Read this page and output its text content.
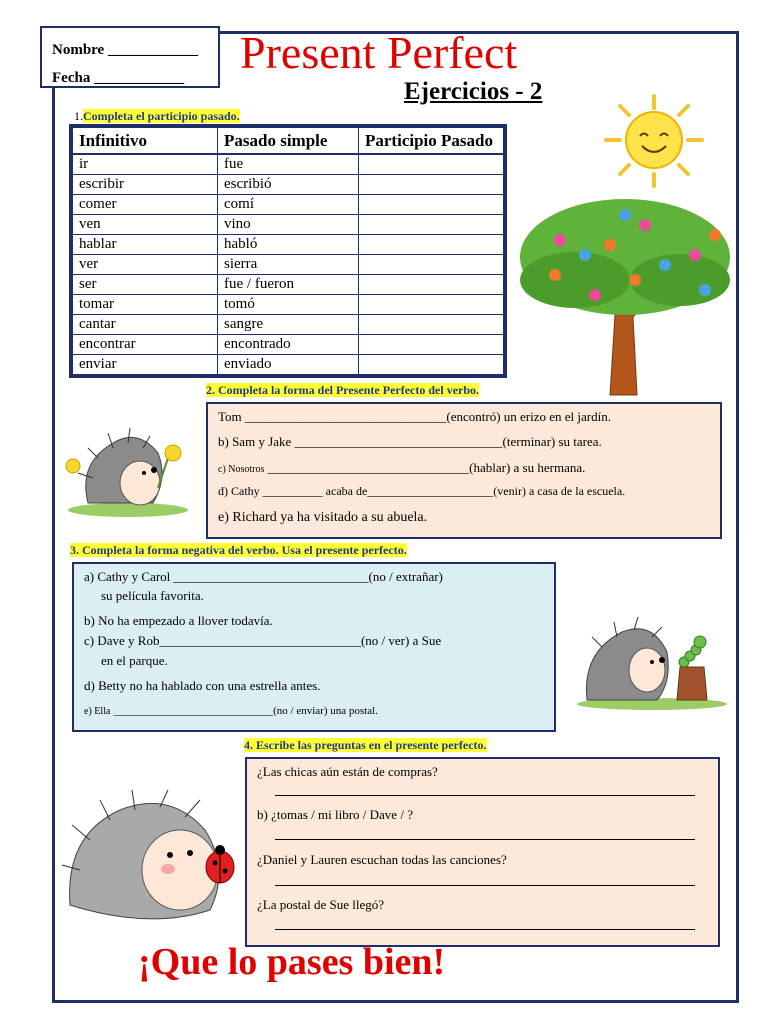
Nombre ____________
Fecha ____________	Present Perfect
Ejercicios - 2
1.Completa el participio pasado.
Infinitivo	Pasado simple	Participio Pasado
ir	fue	
escribir	escribió	
comer	comí	
ven	vino	
hablar	habló	
ver	sierra	
ser	fue / fueron	
tomar	tomó	
cantar	sangre	
encontrar	encontrado	
enviar	enviado	
2. Completa la forma del Presente Perfecto del verbo.
Tom _______________________________(encontró) un erizo en el jardín.
b) Sam y Jake ________________________________(terminar) su tarea.
c) Nosotros _______________________________(hablar) a su hermana.
d) Cathy __________ acaba de_____________________(venir) a casa de la escuela.
e) Richard ya ha visitado a su abuela.
3. Completa la forma negativa del verbo. Usa el presente perfecto.
a) Cathy y Carol ______________________________(no / extrañar)
su película favorita.
b) No ha empezado a llover todavía.
c) Dave y Rob_______________________________(no / ver) a Sue
en el parque.
d) Betty no ha hablado con una estrella antes.
e) Ella _____________________________(no / enviar) una postal.
4. Escribe las preguntas en el presente perfecto.
¿Las chicas aún están de compras?
b) ¿tomas / mi libro / Dave / ?
¿Daniel y Lauren escuchan todas las canciones?
¿La postal de Sue llegó?
¡Que lo pases bien!
